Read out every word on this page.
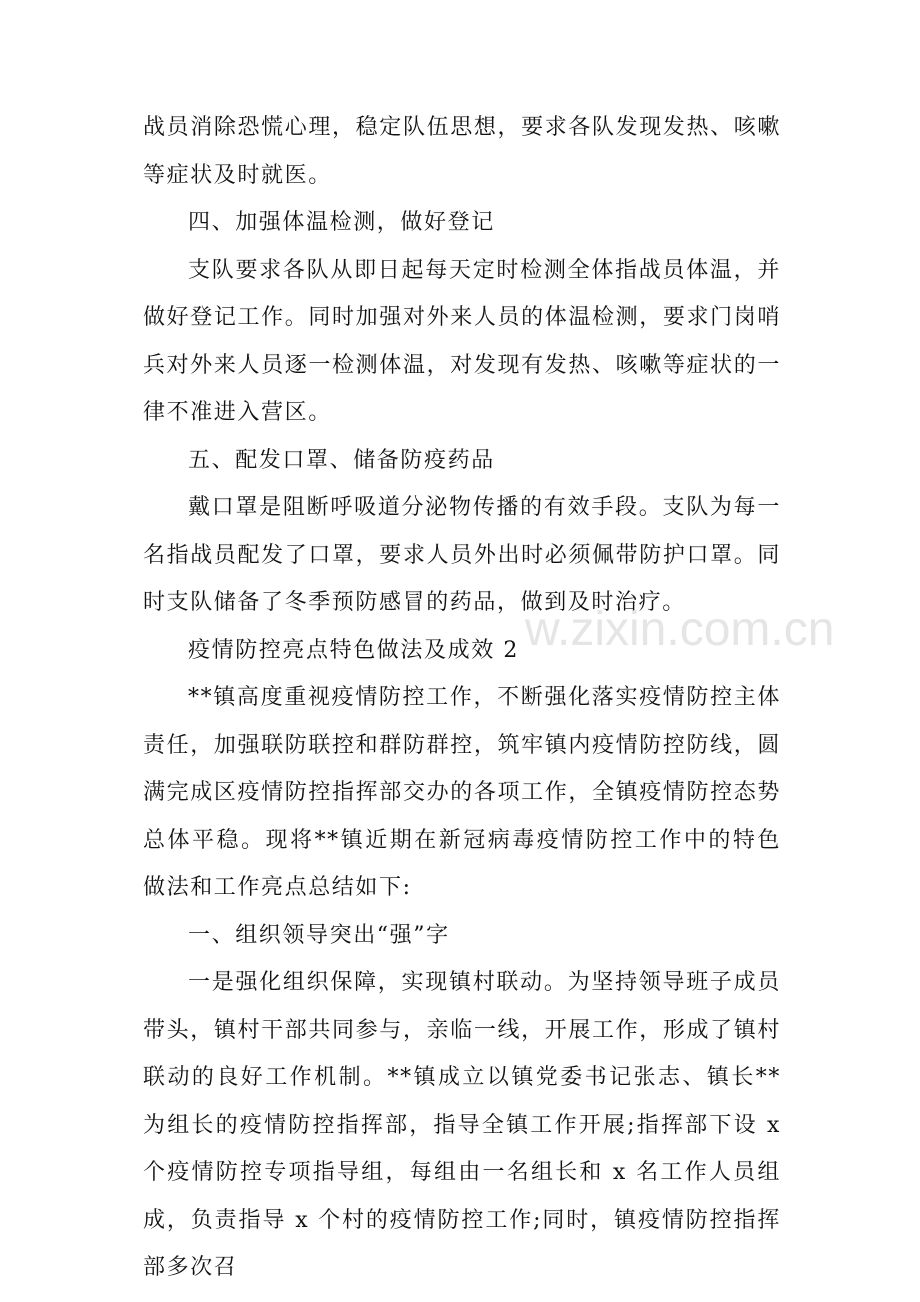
战员消除恐慌心理，稳定队伍思想，要求各队发现发热、咳嗽等症状及时就医。

四、加强体温检测，做好登记

支队要求各队从即日起每天定时检测全体指战员体温，并做好登记工作。同时加强对外来人员的体温检测，要求门岗哨兵对外来人员逐一检测体温，对发现有发热、咳嗽等症状的一律不准进入营区。

五、配发口罩、储备防疫药品

戴口罩是阻断呼吸道分泌物传播的有效手段。支队为每一名指战员配发了口罩，要求人员外出时必须佩带防护口罩。同时支队储备了冬季预防感冒的药品，做到及时治疗。

疫情防控亮点特色做法及成效 2

**镇高度重视疫情防控工作，不断强化落实疫情防控主体责任，加强联防联控和群防群控，筑牢镇内疫情防控防线，圆满完成区疫情防控指挥部交办的各项工作，全镇疫情防控态势总体平稳。现将**镇近期在新冠病毒疫情防控工作中的特色做法和工作亮点总结如下:

一、组织领导突出“强”字

一是强化组织保障，实现镇村联动。为坚持领导班子成员带头，镇村干部共同参与，亲临一线，开展工作，形成了镇村联动的良好工作机制。**镇成立以镇党委书记张志、镇长**为组长的疫情防控指挥部，指导全镇工作开展;指挥部下设 x 个疫情防控专项指导组，每组由一名组长和 x 名工作人员组成，负责指导 x 个村的疫情防控工作;同时，镇疫情防控指挥部多次召

w.zixin.com.cn
